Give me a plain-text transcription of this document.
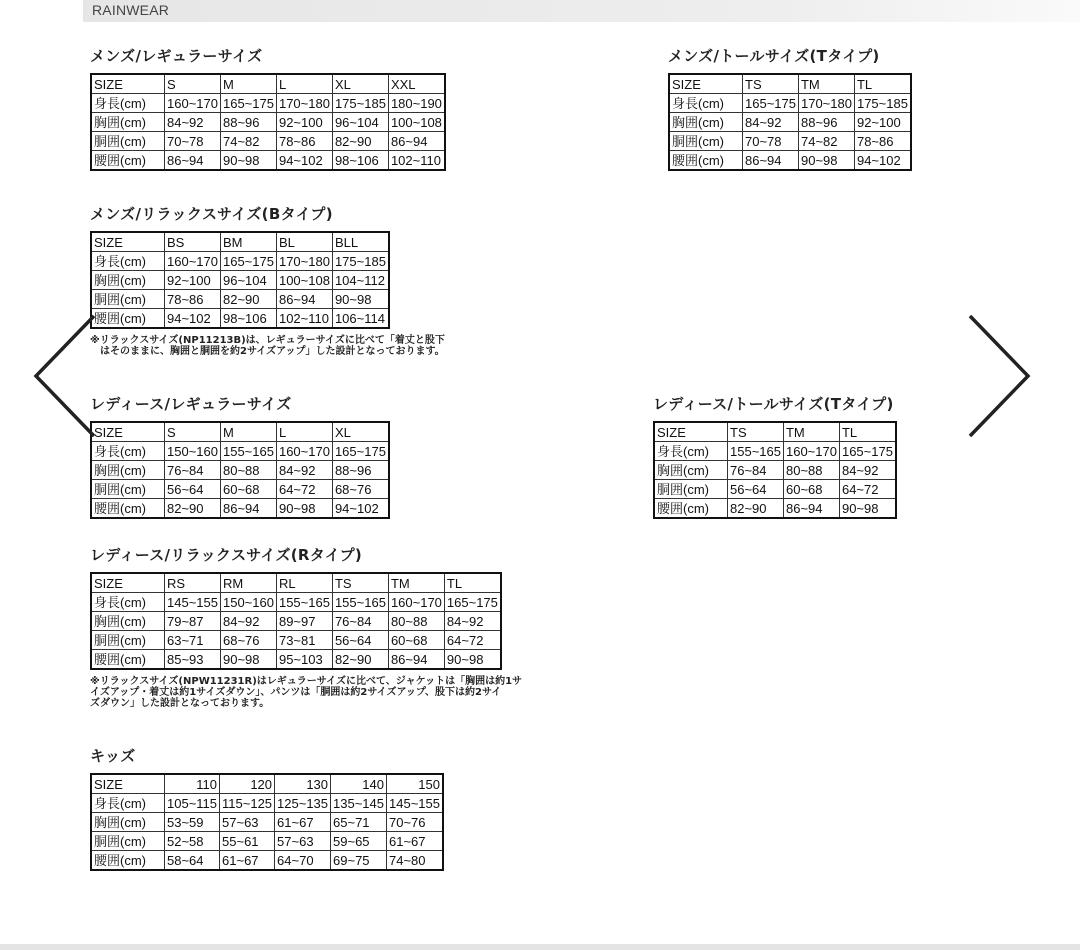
RAINWEAR
メンズ/レギュラーサイズ
SIZE	S	M	L	XL	XXL
身長(cm)	160~170	165~175	170~180	175~185	180~190
胸囲(cm)	84~92	88~96	92~100	96~104	100~108
胴囲(cm)	70~78	74~82	78~86	82~90	86~94
腰囲(cm)	86~94	90~98	94~102	98~106	102~110
メンズ/トールサイズ(Tタイプ)
SIZE	TS	TM	TL
身長(cm)	165~175	170~180	175~185
胸囲(cm)	84~92	88~96	92~100
胴囲(cm)	70~78	74~82	78~86
腰囲(cm)	86~94	90~98	94~102
メンズ/リラックスサイズ(Bタイプ)
SIZE	BS	BM	BL	BLL
身長(cm)	160~170	165~175	170~180	175~185
胸囲(cm)	92~100	96~104	100~108	104~112
胴囲(cm)	78~86	82~90	86~94	90~98
腰囲(cm)	94~102	98~106	102~110	106~114
※リラックスサイズ(NP11213B)は、レギュラーサイズに比べて「着丈と股下
　はそのままに、胸囲と胴囲を約2サイズアップ」した設計となっております。
レディース/レギュラーサイズ
SIZE	S	M	L	XL
身長(cm)	150~160	155~165	160~170	165~175
胸囲(cm)	76~84	80~88	84~92	88~96
胴囲(cm)	56~64	60~68	64~72	68~76
腰囲(cm)	82~90	86~94	90~98	94~102
レディース/トールサイズ(Tタイプ)
SIZE	TS	TM	TL
身長(cm)	155~165	160~170	165~175
胸囲(cm)	76~84	80~88	84~92
胴囲(cm)	56~64	60~68	64~72
腰囲(cm)	82~90	86~94	90~98
レディース/リラックスサイズ(Rタイプ)
SIZE	RS	RM	RL	TS	TM	TL
身長(cm)	145~155	150~160	155~165	155~165	160~170	165~175
胸囲(cm)	79~87	84~92	89~97	76~84	80~88	84~92
胴囲(cm)	63~71	68~76	73~81	56~64	60~68	64~72
腰囲(cm)	85~93	90~98	95~103	82~90	86~94	90~98
※リラックスサイズ(NPW11231R)はレギュラーサイズに比べて、ジャケットは「胸囲は約1サ
イズアップ・着丈は約1サイズダウン」、パンツは「胴囲は約2サイズアップ、股下は約2サイ
ズダウン」した設計となっております。
キッズ
SIZE	110	120	130	140	150
身長(cm)	105~115	115~125	125~135	135~145	145~155
胸囲(cm)	53~59	57~63	61~67	65~71	70~76
胴囲(cm)	52~58	55~61	57~63	59~65	61~67
腰囲(cm)	58~64	61~67	64~70	69~75	74~80
